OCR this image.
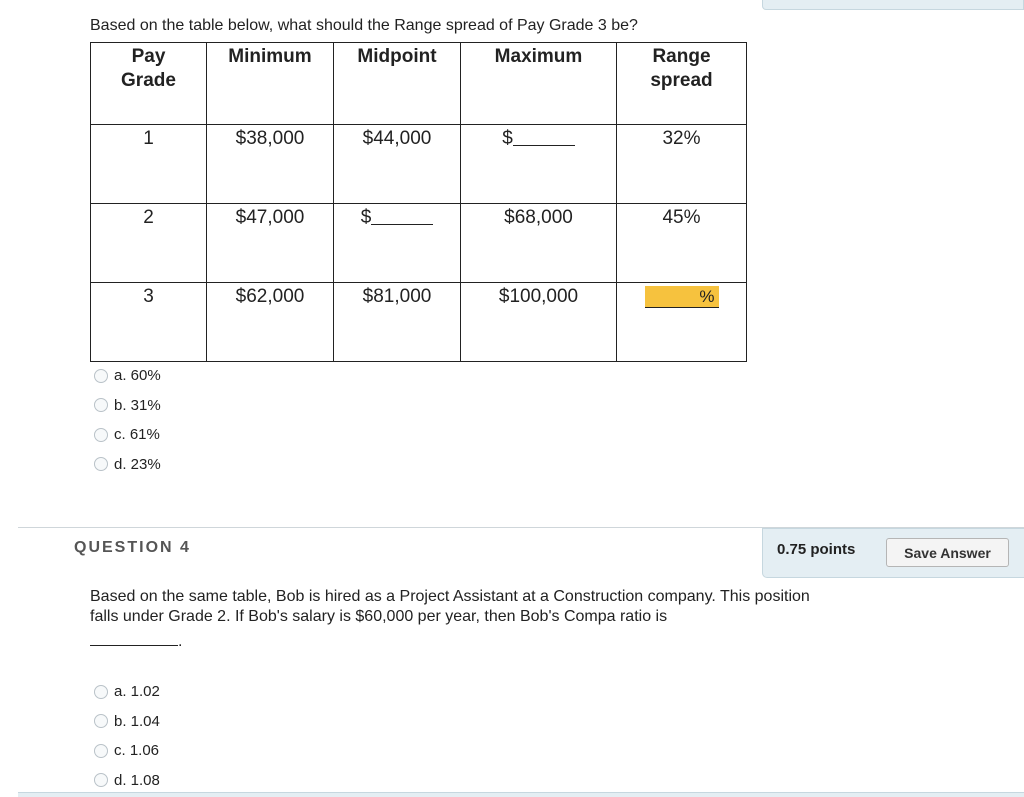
Based on the table below, what should the Range spread of Pay Grade 3 be?
Pay
Grade	Minimum	Midpoint	Maximum	Range
spread
1	$38,000	$44,000	$	32%
2	$47,000	$	$68,000	45%
3	$62,000	$81,000	$100,000	%
a. 60%
b. 31%
c. 61%
d. 23%
QUESTION 4	0.75 points	Save Answer
Based on the same table, Bob is hired as a Project Assistant at a Construction company. This position falls under Grade 2. If Bob's salary is $60,000 per year, then Bob's Compa ratio is
.
a. 1.02
b. 1.04
c. 1.06
d. 1.08
